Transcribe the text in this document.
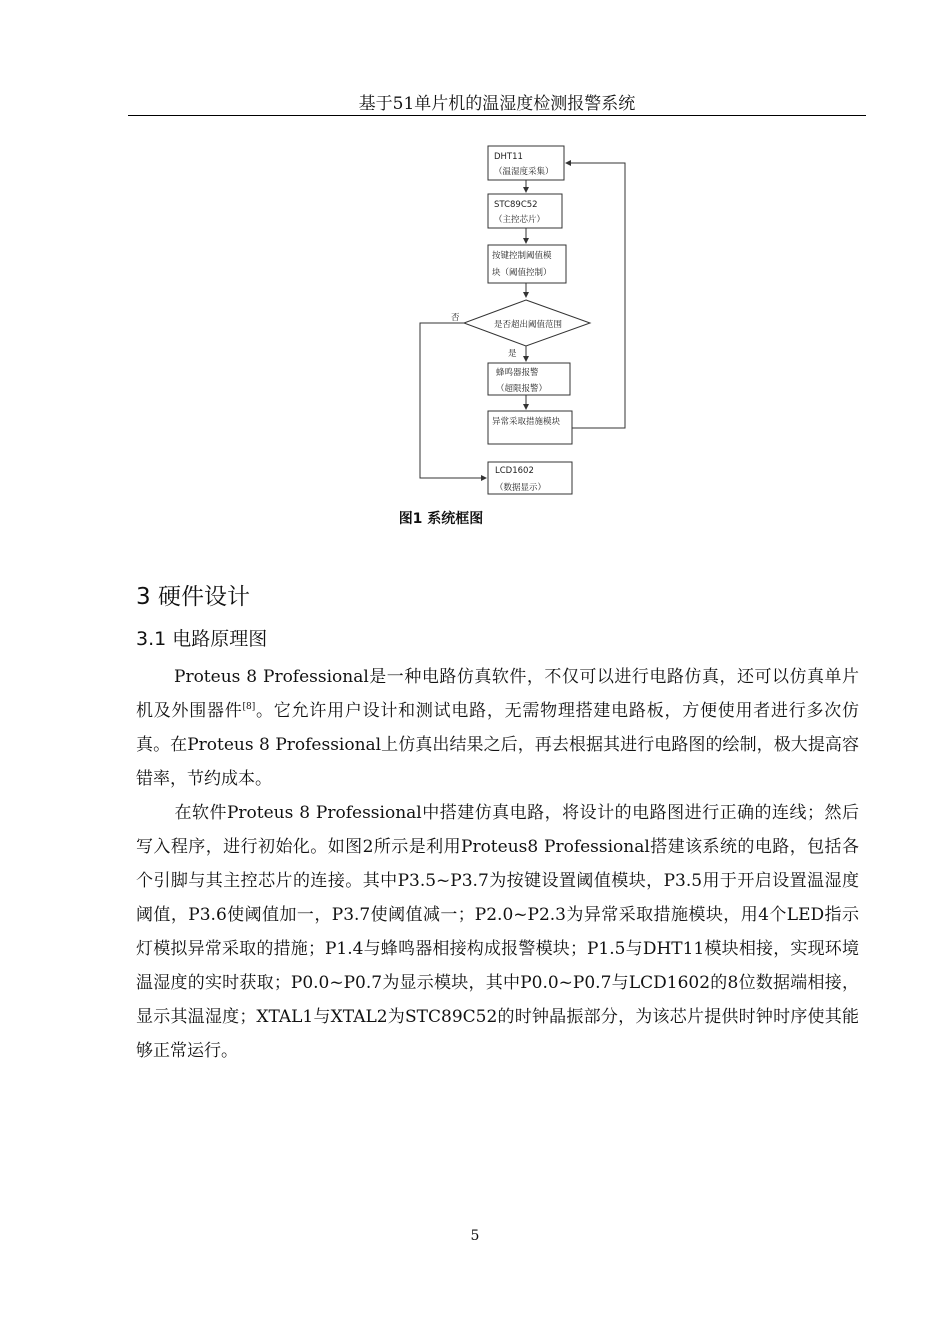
基于51单片机的温湿度检测报警系统
DHT11
（温湿度采集）
STC89C52
（主控芯片）
按键控制阈值模
块（阈值控制）
是否超出阈值范围
否
是
蜂鸣器报警
（超限报警）
异常采取措施模块
LCD1602
（数据显示）
图1 系统框图
3 硬件设计
3.1 电路原理图

Proteus 8 Professional是一种电路仿真软件，不仅可以进行电路仿真，还可以仿真单片机及外围器件[8]。它允许用户设计和测试电路，无需物理搭建电路板，方便使用者进行多次仿真。在Proteus 8 Professional上仿真出结果之后，再去根据其进行电路图的绘制，极大提高容错率，节约成本。

在软件Proteus 8 Professional中搭建仿真电路，将设计的电路图进行正确的连线；然后写入程序，进行初始化。如图2所示是利用Proteus8 Professional搭建该系统的电路，包括各个引脚与其主控芯片的连接。其中P3.5~P3.7为按键设置阈值模块，P3.5用于开启设置温湿度阈值，P3.6使阈值加一，P3.7使阈值减一；P2.0~P2.3为异常采取措施模块，用4个LED指示灯模拟异常采取的措施；P1.4与蜂鸣器相接构成报警模块；P1.5与DHT11模块相接，实现环境温湿度的实时获取；P0.0~P0.7为显示模块，其中P0.0~P0.7与LCD1602的8位数据端相接，显示其温湿度；XTAL1与XTAL2为STC89C52的时钟晶振部分，为该芯片提供时钟时序使其能够正常运行。

5
